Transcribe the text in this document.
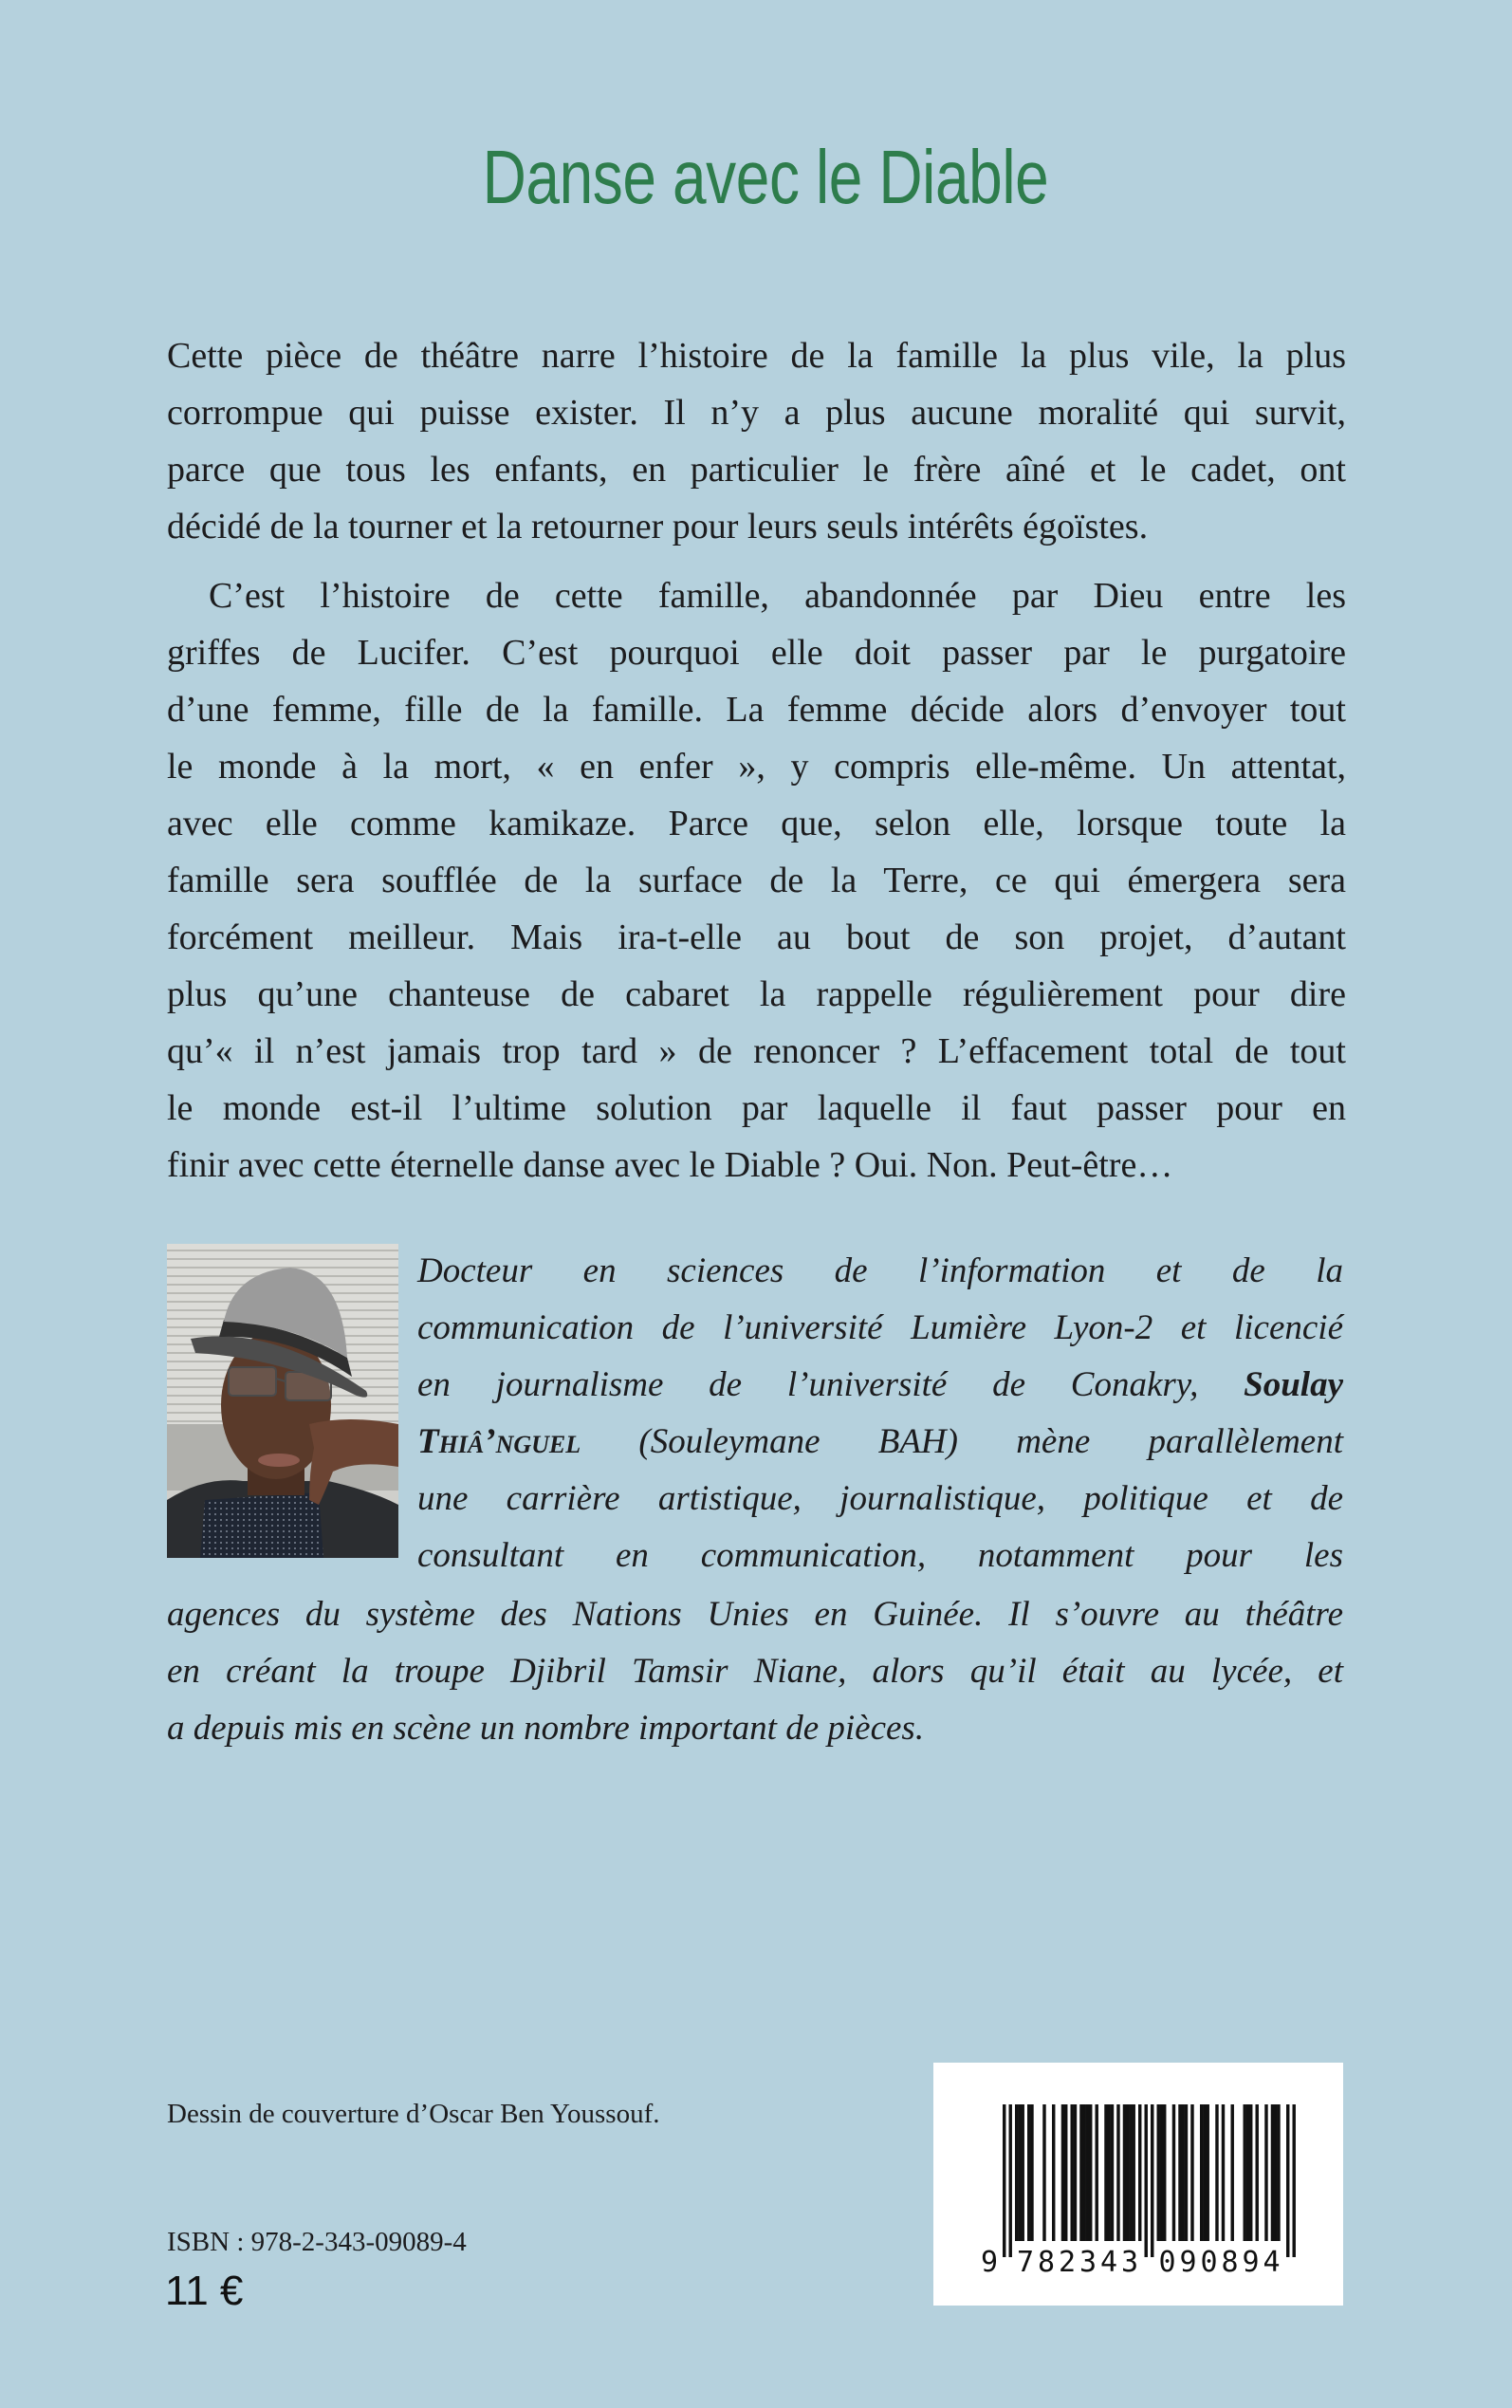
Danse avec le Diable
Cette pièce de théâtre narre l’histoire de la famille la plus vile, la plus
corrompue qui puisse exister. Il n’y a plus aucune moralité qui survit,
parce que tous les enfants, en particulier le frère aîné et le cadet, ont
décidé de la tourner et la retourner pour leurs seuls intérêts égoïstes.
C’est l’histoire de cette famille, abandonnée par Dieu entre les
griffes de Lucifer. C’est pourquoi elle doit passer par le purgatoire
d’une femme, fille de la famille. La femme décide alors d’envoyer tout
le monde à la mort, « en enfer », y compris elle-même. Un attentat,
avec elle comme kamikaze. Parce que, selon elle, lorsque toute la
famille sera soufflée de la surface de la Terre, ce qui émergera sera
forcément meilleur. Mais ira-t-elle au bout de son projet, d’autant
plus qu’une chanteuse de cabaret la rappelle régulièrement pour dire
qu’« il n’est jamais trop tard » de renoncer ? L’effacement total de tout
le monde est-il l’ultime solution par laquelle il faut passer pour en
finir avec cette éternelle danse avec le Diable ? Oui. Non. Peut-être…
Docteur en sciences de l’information et de la
communication de l’université Lumière Lyon-2 et licencié
en journalisme de l’université de Conakry, Soulay
Thiâ’nguel (Souleymane BAH) mène parallèlement
une carrière artistique, journalistique, politique et de
consultant en communication, notamment pour les
agences du système des Nations Unies en Guinée. Il s’ouvre au théâtre
en créant la troupe Djibril Tamsir Niane, alors qu’il était au lycée, et
a depuis mis en scène un nombre important de pièces.
Dessin de couverture d’Oscar Ben Youssouf.
ISBN : 978-2-343-09089-4
11 €
9 782343 090894
